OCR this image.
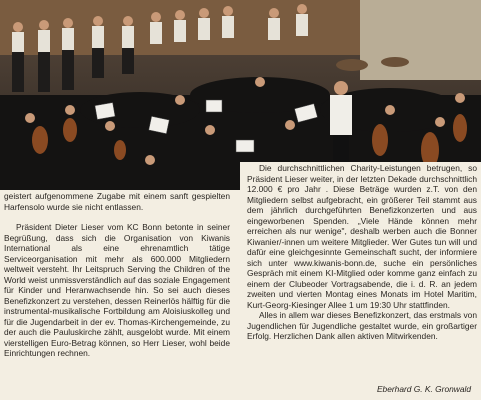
geistert aufgenommene Zugabe mit einem sanft gespielten Harfensolo wurde sie nicht entlassen.

Präsident Dieter Lieser vom KC Bonn betonte in seiner Begrüßung, dass sich die Organisation von Kiwanis International als eine ehrenamtlich tätige Serviceorganisation mit mehr als 600.000 Mitgliedern weltweit versteht. Ihr Leitspruch Serving the Children of the World weist unmissverständlich auf das soziale Engagement für Kinder und Heranwachsende hin. So sei auch dieses Benefizkonzert zu verstehen, dessen Reinerlös hälftig für die instrumental-musikalische Fortbildung am Aloisiuskolleg und für die Jugendarbeit in der ev. Thomas-Kirchengemeinde, zu der auch die Pauluskirche zählt, ausgelobt wurde. Mit einem vierstelligen Euro-Betrag können, so Herr Lieser, wohl beide Einrichtungen rechnen.

Die durchschnittlichen Charity-Leistungen betrugen, so Präsident Lieser weiter, in der letzten Dekade durchschnittlich 12.000 € pro Jahr . Diese Beträge wurden z.T. von den Mitgliedern selbst aufgebracht, ein größerer Teil stammt aus dem jährlich durchgeführten Benefizkonzerten und aus eingeworbenen Spenden. „Viele Hände können mehr erreichen als nur wenige", deshalb werben auch die Bonner Kiwanier/-innen um weitere Mitglieder. Wer Gutes tun will und dafür eine gleichgesinnte Gemeinschaft sucht, der informiere sich unter www.kiwanis-bonn.de, suche ein persönliches Gespräch mit einem KI-Mitglied oder komme ganz einfach zu einem der Clubeoder Vortragsabende, die i. d. R. an jedem zweiten und vierten Montag eines Monats im Hotel Maritim, Kurt-Georg-Kiesinger Allee 1 um 19:30 Uhr stattfinden.

Alles in allem war dieses Benefizkonzert, das erstmals von Jugendlichen für Jugendliche gestaltet wurde, ein großartiger Erfolg. Herzlichen Dank allen aktiven Mitwirkenden.

Eberhard G. K. Gronwald
